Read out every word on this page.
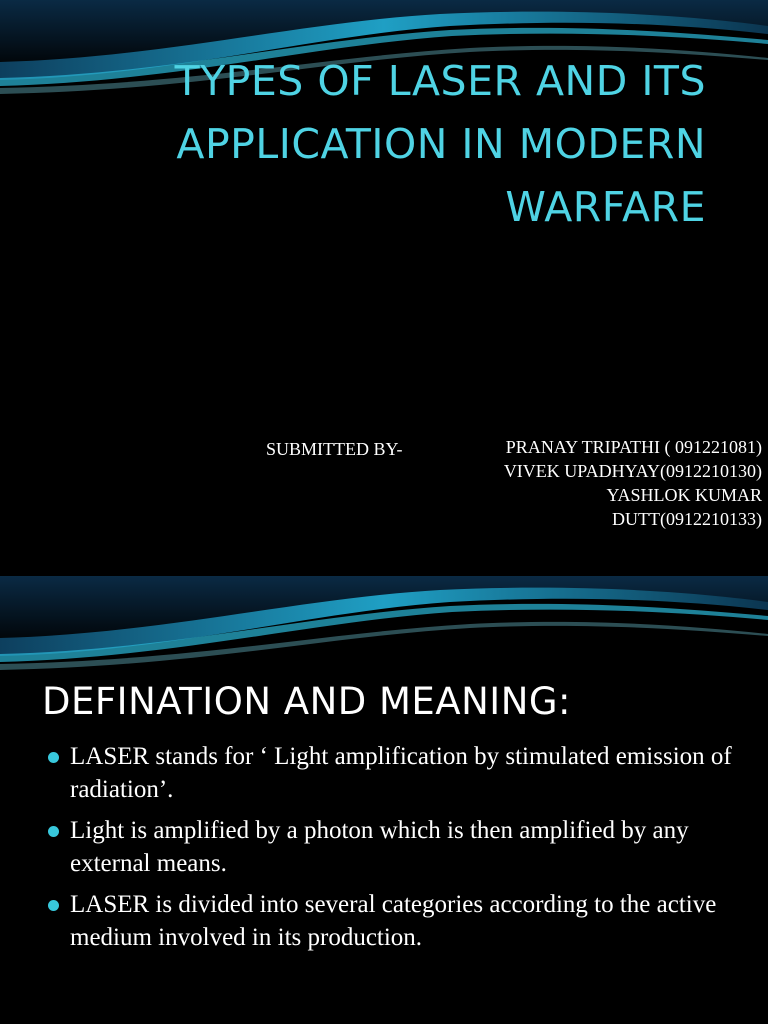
TYPES OF LASER AND ITS
APPLICATION IN MODERN
WARFARE

SUBMITTED BY-	PRANAY TRIPATHI ( 091221081)
VIVEK UPADHYAY(0912210130)
YASHLOK KUMAR
DUTT(0912210133)
DEFINATION AND MEANING:
LASER stands for ‘ Light amplification by stimulated emission of radiation’.
Light is amplified by a photon which is then amplified by any external means.
LASER is divided into several categories according to the active medium involved in its production.
